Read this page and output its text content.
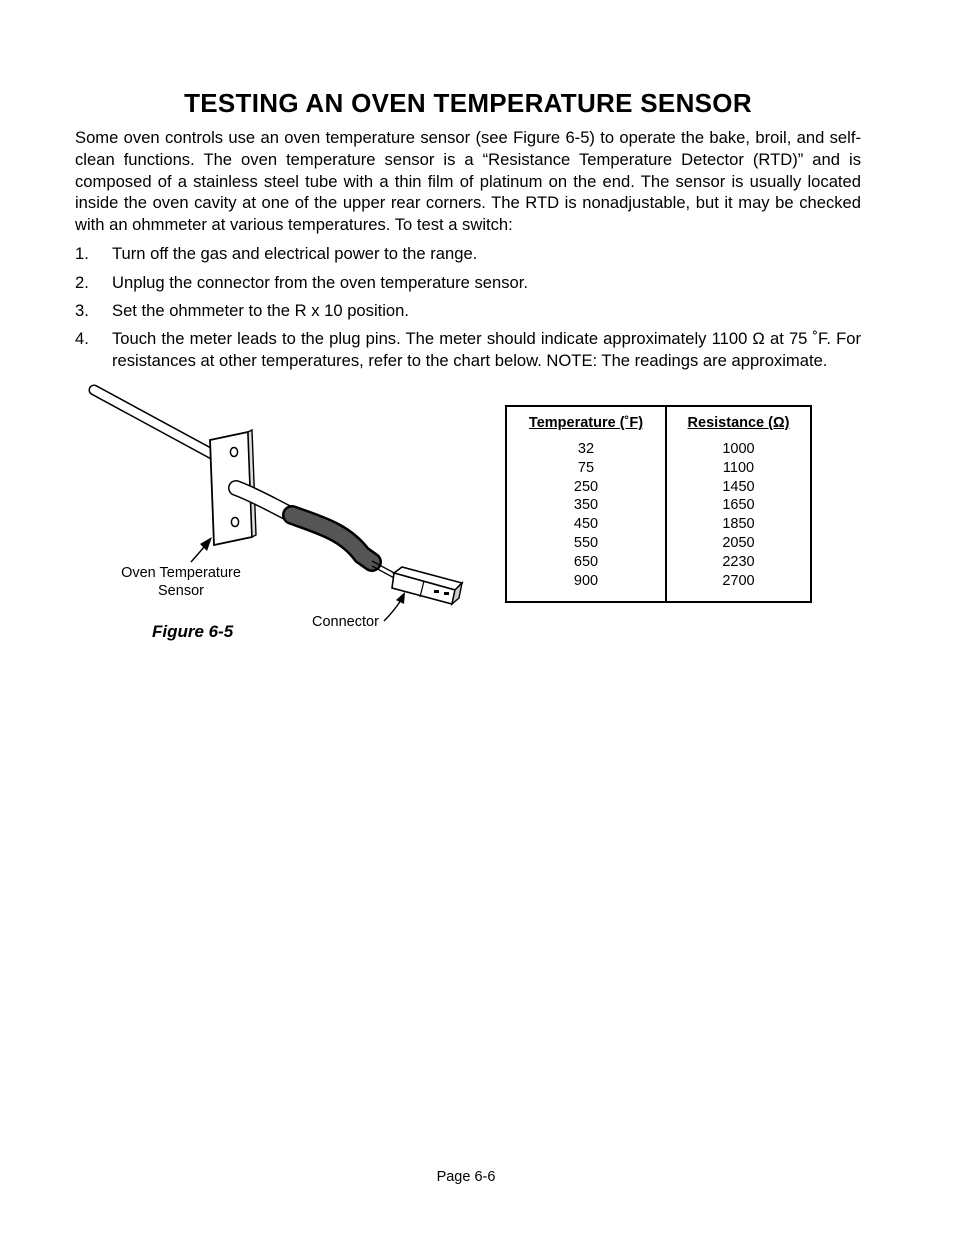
TESTING AN OVEN TEMPERATURE SENSOR

Some oven controls use an oven temperature sensor (see Figure 6-5) to operate the bake, broil, and self-clean functions. The oven temperature sensor is a “Resistance Temperature Detector (RTD)” and is composed of a stainless steel tube with a thin film of platinum on the end. The sensor is usually located inside the oven cavity at one of the upper rear corners. The RTD is nonadjustable, but it may be checked with an ohmmeter at various temperatures. To test a switch:

1. Turn off the gas and electrical power to the range.
2. Unplug the connector from the oven temperature sensor.
3. Set the ohmmeter to the R x 10 position.
4. Touch the meter leads to the plug pins. The meter should indicate approximately 1100 Ω at 75 ˚F. For resistances at other temperatures, refer to the chart below. NOTE: The readings are approximate.
Oven Temperature
Sensor
Connector
Figure 6-5
Temperature (˚F)
32
75
250
350
450
550
650
900
Resistance (Ω)
1000
1100
1450
1650
1850
2050
2230
2700
Page 6-6
